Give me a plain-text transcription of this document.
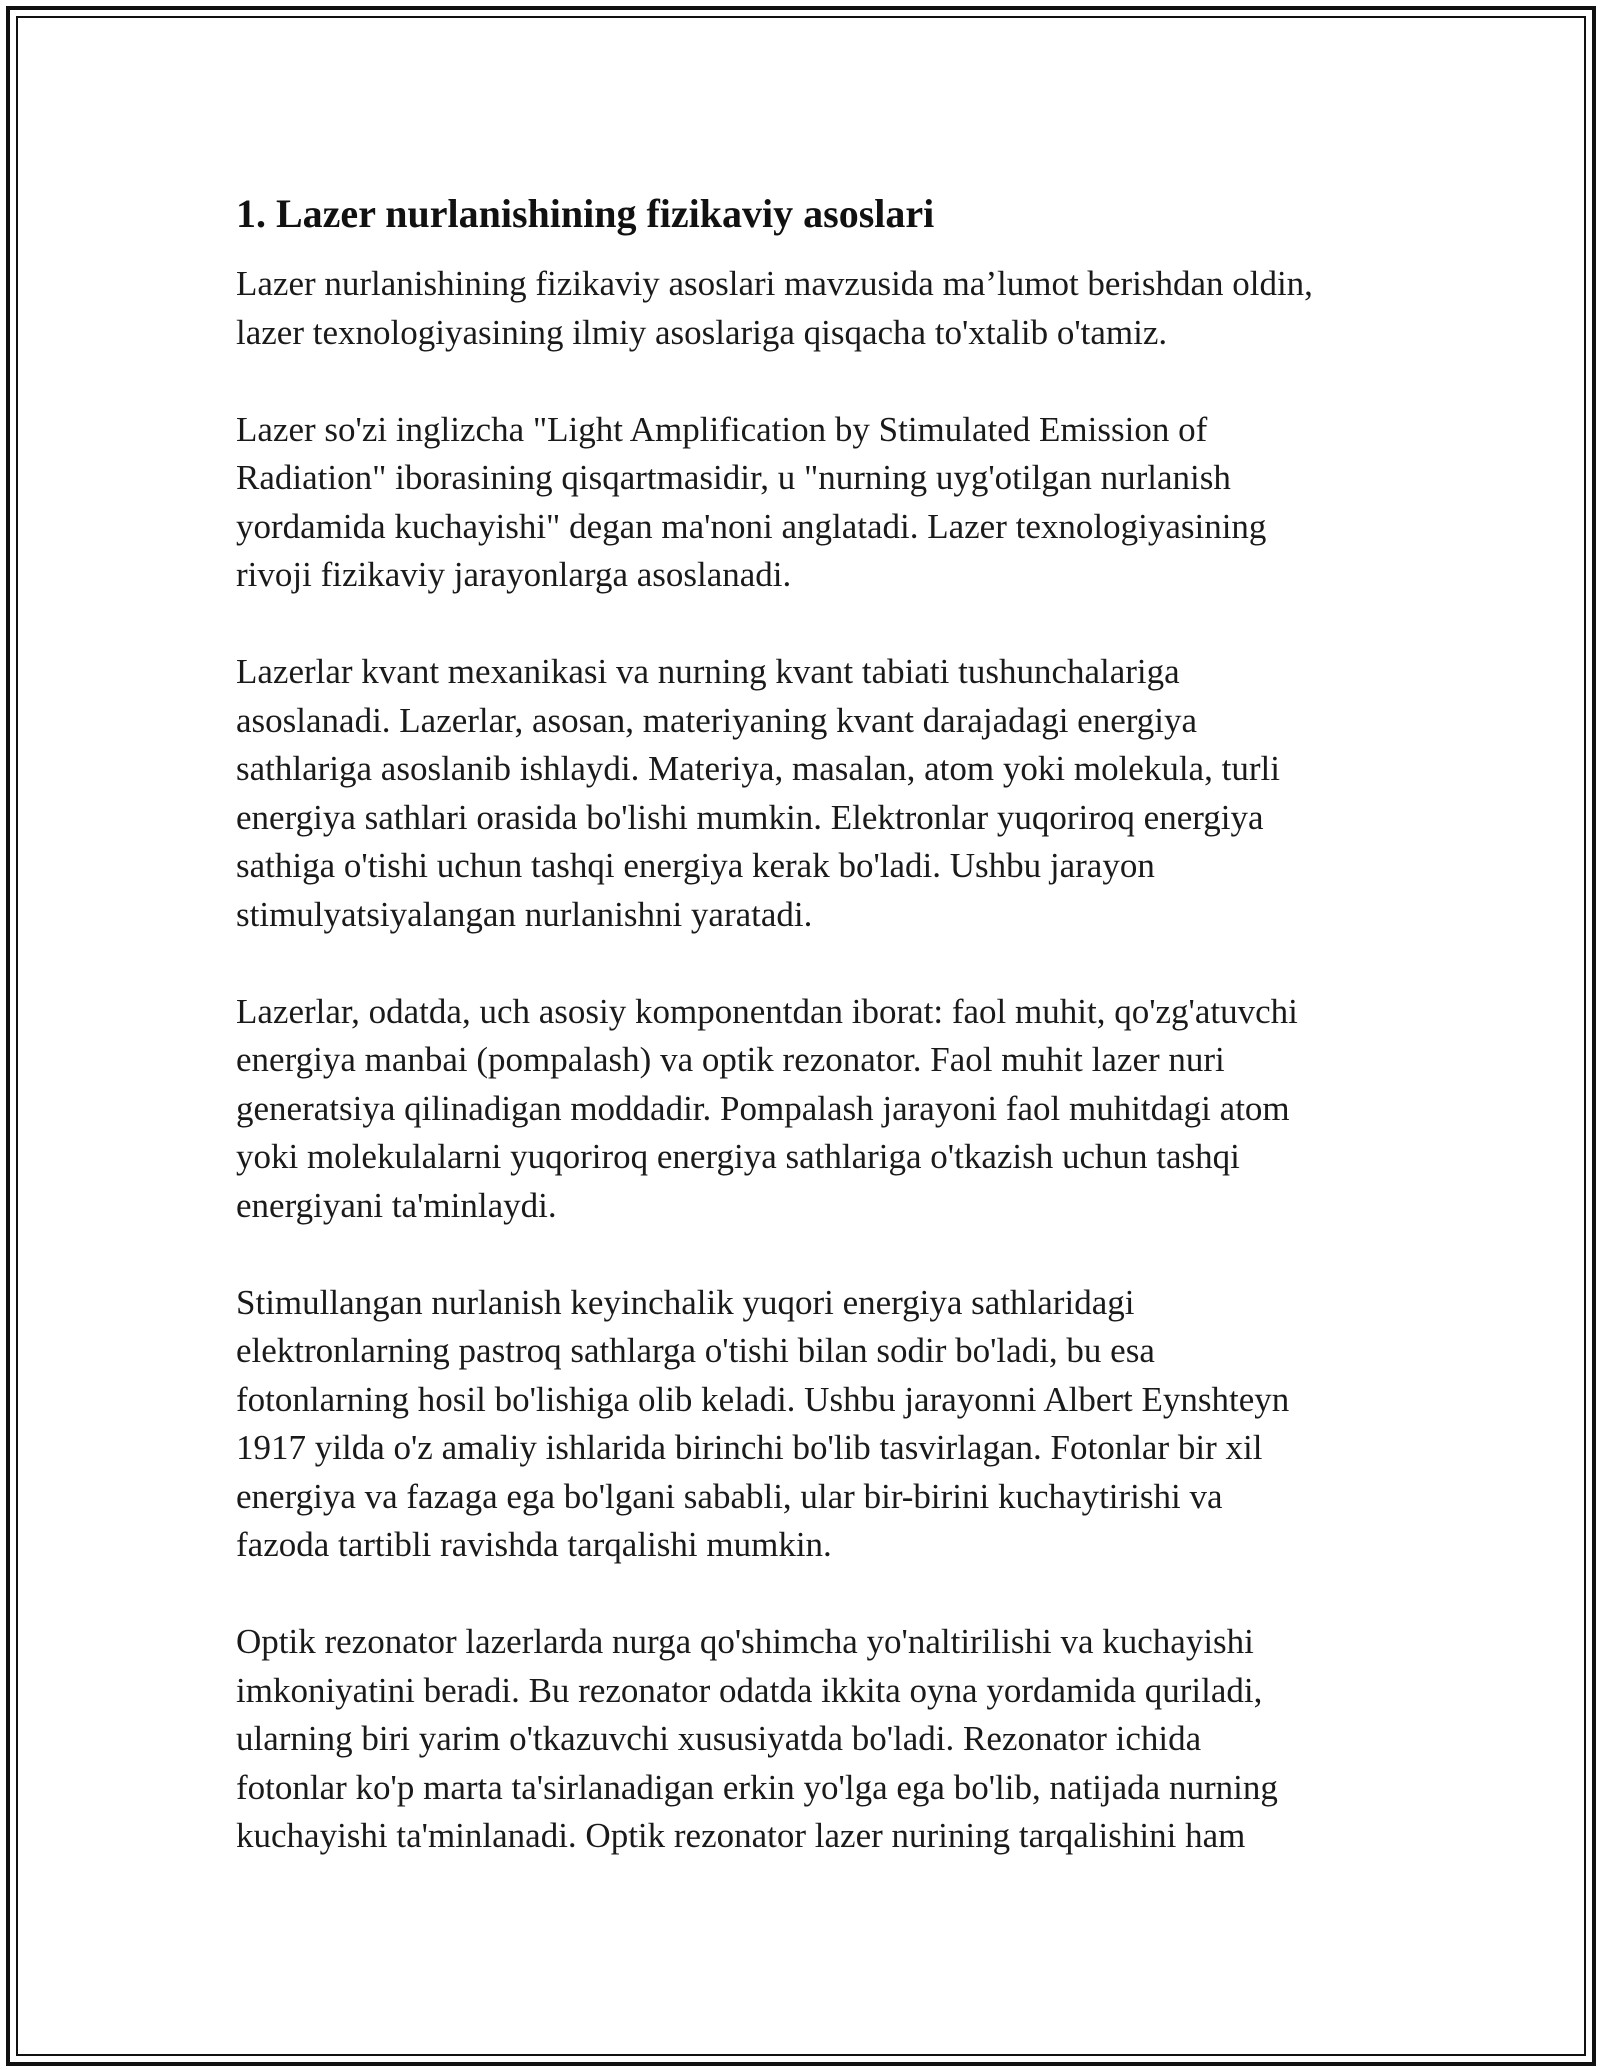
1. Lazer nurlanishining fizikaviy asoslari
Lazer nurlanishining fizikaviy asoslari mavzusida ma’lumot berishdan oldin,
lazer texnologiyasining ilmiy asoslariga qisqacha to'xtalib o'tamiz.
Lazer so'zi inglizcha "Light Amplification by Stimulated Emission of
Radiation" iborasining qisqartmasidir, u "nurning uyg'otilgan nurlanish
yordamida kuchayishi" degan ma'noni anglatadi. Lazer texnologiyasining
rivoji fizikaviy jarayonlarga asoslanadi.
Lazerlar kvant mexanikasi va nurning kvant tabiati tushunchalariga
asoslanadi. Lazerlar, asosan, materiyaning kvant darajadagi energiya
sathlariga asoslanib ishlaydi. Materiya, masalan, atom yoki molekula, turli
energiya sathlari orasida bo'lishi mumkin. Elektronlar yuqoriroq energiya
sathiga o'tishi uchun tashqi energiya kerak bo'ladi. Ushbu jarayon
stimulyatsiyalangan nurlanishni yaratadi.
Lazerlar, odatda, uch asosiy komponentdan iborat: faol muhit, qo'zg'atuvchi
energiya manbai (pompalash) va optik rezonator. Faol muhit lazer nuri
generatsiya qilinadigan moddadir. Pompalash jarayoni faol muhitdagi atom
yoki molekulalarni yuqoriroq energiya sathlariga o'tkazish uchun tashqi
energiyani ta'minlaydi.
Stimullangan nurlanish keyinchalik yuqori energiya sathlaridagi
elektronlarning pastroq sathlarga o'tishi bilan sodir bo'ladi, bu esa
fotonlarning hosil bo'lishiga olib keladi. Ushbu jarayonni Albert Eynshteyn
1917 yilda o'z amaliy ishlarida birinchi bo'lib tasvirlagan. Fotonlar bir xil
energiya va fazaga ega bo'lgani sababli, ular bir-birini kuchaytirishi va
fazoda tartibli ravishda tarqalishi mumkin.
Optik rezonator lazerlarda nurga qo'shimcha yo'naltirilishi va kuchayishi
imkoniyatini beradi. Bu rezonator odatda ikkita oyna yordamida quriladi,
ularning biri yarim o'tkazuvchi xususiyatda bo'ladi. Rezonator ichida
fotonlar ko'p marta ta'sirlanadigan erkin yo'lga ega bo'lib, natijada nurning
kuchayishi ta'minlanadi. Optik rezonator lazer nurining tarqalishini ham
